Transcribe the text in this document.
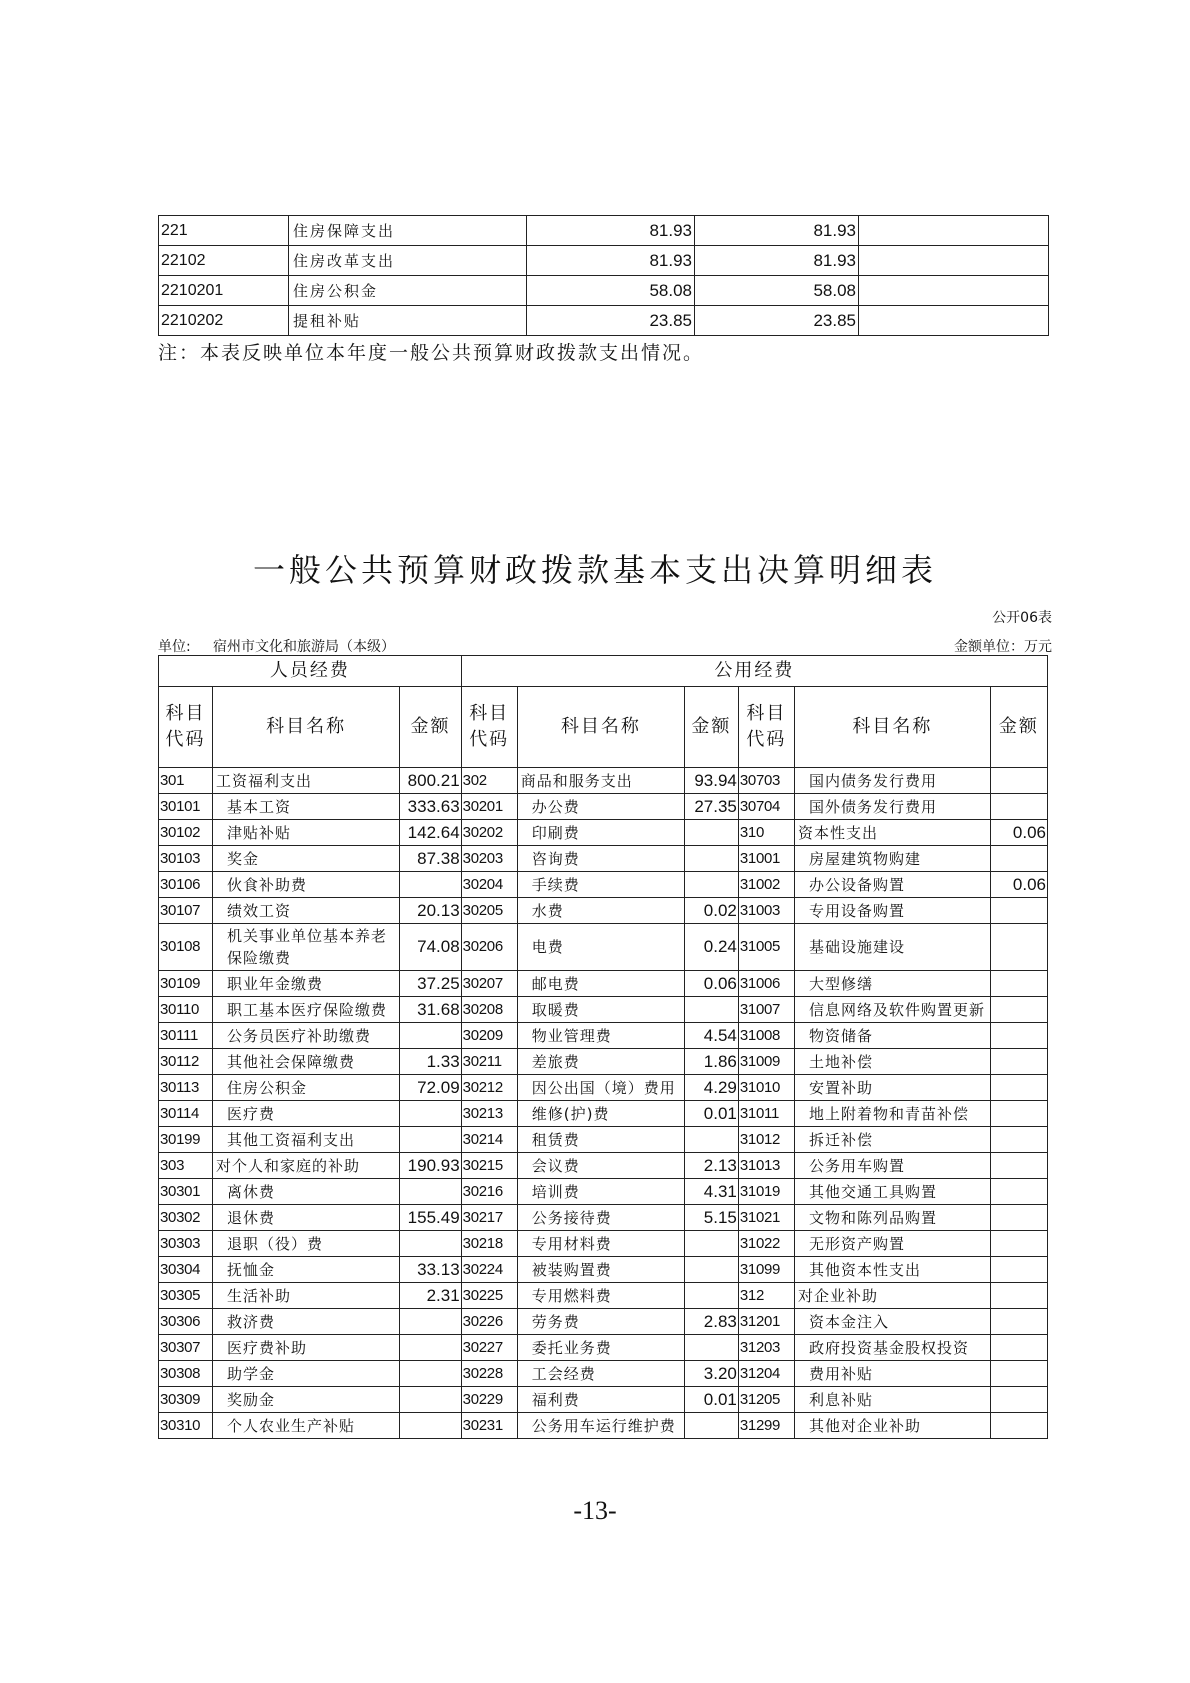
221	住房保障支出	81.93	81.93	
22102	住房改革支出	81.93	81.93	
2210201	住房公积金	58.08	58.08	
2210202	提租补贴	23.85	23.85	
注：本表反映单位本年度一般公共预算财政拨款支出情况。
一般公共预算财政拨款基本支出决算明细表
公开06表
单位: 宿州市文化和旅游局（本级）	金额单位：万元
人员经费			公用经费					
科目代码	科目名称	金额	科目代码	科目名称	金额	科目代码	科目名称	金额
301	工资福利支出	800.21	302	商品和服务支出	93.94	30703	国内债务发行费用	
30101	基本工资	333.63	30201	办公费	27.35	30704	国外债务发行费用	
30102	津贴补贴	142.64	30202	印刷费		310	资本性支出	0.06
30103	奖金	87.38	30203	咨询费		31001	房屋建筑物购建	
30106	伙食补助费		30204	手续费		31002	办公设备购置	0.06
30107	绩效工资	20.13	30205	水费	0.02	31003	专用设备购置	
30108	机关事业单位基本养老保险缴费	74.08	30206	电费	0.24	31005	基础设施建设	
30109	职业年金缴费	37.25	30207	邮电费	0.06	31006	大型修缮	
30110	职工基本医疗保险缴费	31.68	30208	取暖费		31007	信息网络及软件购置更新	
30111	公务员医疗补助缴费		30209	物业管理费	4.54	31008	物资储备	
30112	其他社会保障缴费	1.33	30211	差旅费	1.86	31009	土地补偿	
30113	住房公积金	72.09	30212	因公出国（境）费用	4.29	31010	安置补助	
30114	医疗费		30213	维修(护)费	0.01	31011	地上附着物和青苗补偿	
30199	其他工资福利支出		30214	租赁费		31012	拆迁补偿	
303	对个人和家庭的补助	190.93	30215	会议费	2.13	31013	公务用车购置	
30301	离休费		30216	培训费	4.31	31019	其他交通工具购置	
30302	退休费	155.49	30217	公务接待费	5.15	31021	文物和陈列品购置	
30303	退职（役）费		30218	专用材料费		31022	无形资产购置	
30304	抚恤金	33.13	30224	被装购置费		31099	其他资本性支出	
30305	生活补助	2.31	30225	专用燃料费		312	对企业补助	
30306	救济费		30226	劳务费	2.83	31201	资本金注入	
30307	医疗费补助		30227	委托业务费		31203	政府投资基金股权投资	
30308	助学金		30228	工会经费	3.20	31204	费用补贴	
30309	奖励金		30229	福利费	0.01	31205	利息补贴	
30310	个人农业生产补贴		30231	公务用车运行维护费		31299	其他对企业补助	
-13-
